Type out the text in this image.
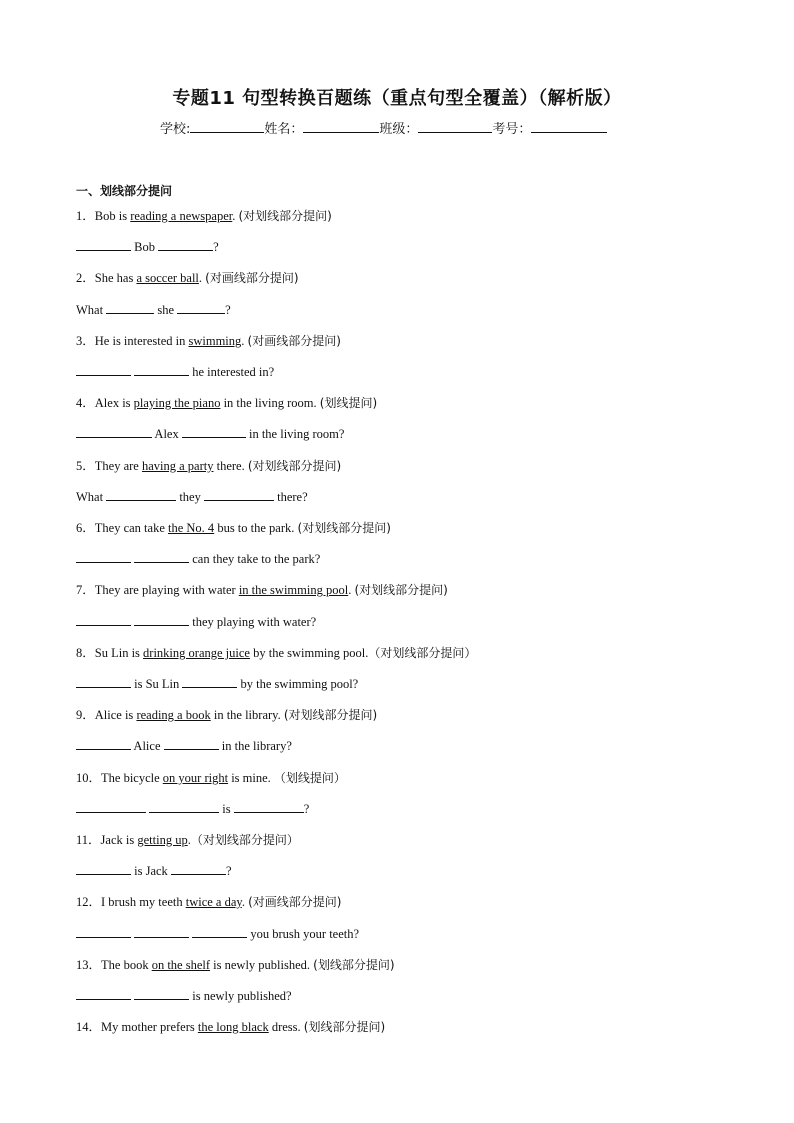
专题11 句型转换百题练（重点句型全覆盖）（解析版）
学校:	姓名：	班级：	考号：
一、划线部分提问
1．Bob is reading a newspaper. (对划线部分提问)
Bob	?
2．She has a soccer ball. (对画线部分提问)
What	she	?
3．He is interested in swimming. (对画线部分提问)
he interested in?
4．Alex is playing the piano in the living room. (划线提问)
Alex	in the living room?
5．They are having a party there. (对划线部分提问)
What	they	there?
6．They can take the No. 4 bus to the park. (对划线部分提问)
can they take to the park?
7．They are playing with water in the swimming pool. (对划线部分提问)
they playing with water?
8．Su Lin is drinking orange juice by the swimming pool.（对划线部分提问）
is Su Lin	by the swimming pool?
9．Alice is reading a book in the library. (对划线部分提问)
Alice	in the library?
10．The bicycle on your right is mine. （划线提问）
is	?
11．Jack is getting up.（对划线部分提问）
is Jack	?
12．I brush my teeth twice a day. (对画线部分提问)
you brush your teeth?
13．The book on the shelf is newly published. (划线部分提问)
is newly published?
14．My mother prefers the long black dress. (划线部分提问)
